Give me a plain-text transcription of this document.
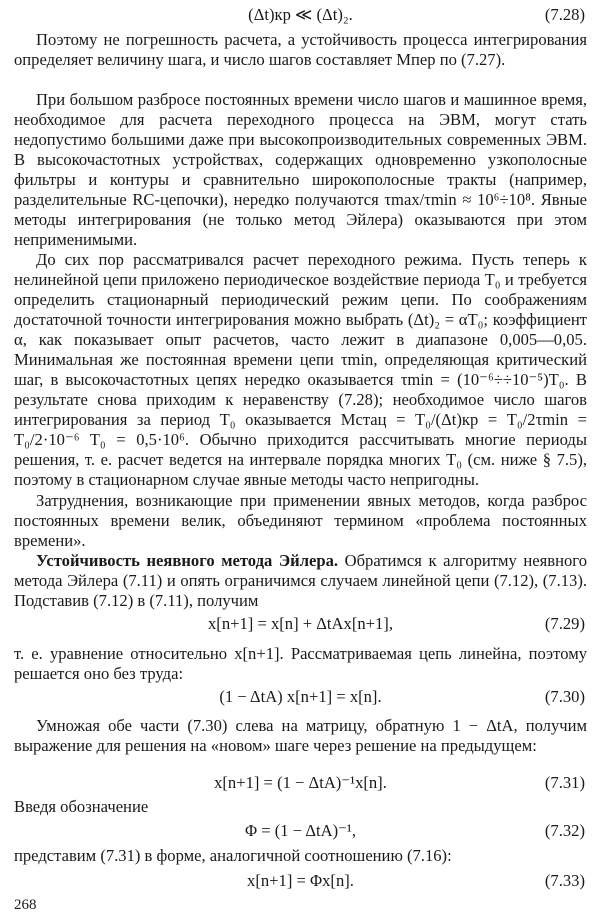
(Δt)кр ≪ (Δt)₂.	(7.28)

Поэтому не погрешность расчета, а устойчивость процесса интегрирования определяет величину шага, и число шагов составляет Мпер по (7.27).

При большом разбросе постоянных времени число шагов и машинное время, необходимое для расчета переходного процесса на ЭВМ, могут стать недопустимо большими даже при высокопроизводительных современных ЭВМ. В высокочастотных устройствах, содержащих одновременно узкополосные фильтры и контуры и сравнительно широкополосные тракты (например, разделительные RC-цепочки), нередко получаются τmax/τmin ≈ 10⁶÷10⁸. Явные методы интегрирования (не только метод Эйлера) оказываются при этом неприменимыми.

До сих пор рассматривался расчет переходного режима. Пусть теперь к нелинейной цепи приложено периодическое воздействие периода T₀ и требуется определить стационарный периодический режим цепи. По соображениям достаточной точности интегрирования можно выбрать (Δt)₂ = αT₀; коэффициент α, как показывает опыт расчетов, часто лежит в диапазоне 0,005—0,05. Минимальная же постоянная времени цепи τmin, определяющая критический шаг, в высокочастотных цепях нередко оказывается τmin = (10⁻⁶÷÷10⁻⁵)T₀. В результате снова приходим к неравенству (7.28); необходимое число шагов интегрирования за период T₀ оказывается Мстац = T₀/(Δt)кр = T₀/2τmin = T₀/2·10⁻⁶ T₀ = 0,5·10⁶. Обычно приходится рассчитывать многие периоды решения, т. е. расчет ведется на интервале порядка многих T₀ (см. ниже § 7.5), поэтому в стационарном случае явные методы часто непригодны.

Затруднения, возникающие при применении явных методов, когда разброс постоянных времени велик, объединяют термином «проблема постоянных времени».

Устойчивость неявного метода Эйлера. Обратимся к алгоритму неявного метода Эйлера (7.11) и опять ограничимся случаем линейной цепи (7.12), (7.13). Подставив (7.12) в (7.11), получим

x[n+1] = x[n] + ΔtAx[n+1],	(7.29)

т. е. уравнение относительно x[n+1]. Рассматриваемая цепь линейна, поэтому решается оно без труда:

(1 − ΔtA) x[n+1] = x[n].	(7.30)

Умножая обе части (7.30) слева на матрицу, обратную 1 − ΔtA, получим выражение для решения на «новом» шаге через решение на предыдущем:

x[n+1] = (1 − ΔtA)⁻¹x[n].	(7.31)

Введя обозначение

Φ = (1 − ΔtA)⁻¹,	(7.32)

представим (7.31) в форме, аналогичной соотношению (7.16):

x[n+1] = Φx[n].	(7.33)
268
